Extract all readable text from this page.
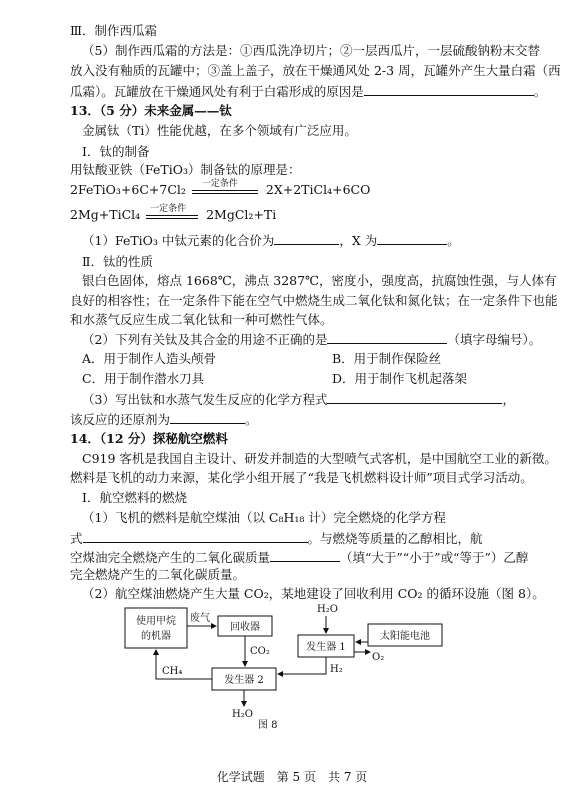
Ⅲ．制作西瓜霜
（5）制作西瓜霜的方法是：①西瓜洗净切片；②一层西瓜片，一层硫酸钠粉末交替
放入没有釉质的瓦罐中；③盖上盖子，放在干燥通风处 2-3 周，瓦罐外产生大量白霜（西
瓜霜）。瓦罐放在干燥通风处有利于白霜形成的原因是	。
13．（5 分）未来金属——钛
金属钛（Ti）性能优越，在多个领域有广泛应用。
Ⅰ．钛的制备
用钛酸亚铁（FeTiO₃）制备钛的原理是：
2FeTiO₃+6C+7Cl₂ 一定条件 2X+2TiCl₄+6CO
2Mg+TiCl₄ 一定条件 2MgCl₂+Ti
（1）FeTiO₃ 中钛元素的化合价为	，X 为	。
Ⅱ．钛的性质
银白色固体，熔点 1668℃，沸点 3287℃，密度小，强度高，抗腐蚀性强，与人体有
良好的相容性；在一定条件下能在空气中燃烧生成二氧化钛和氮化钛；在一定条件下也能
和水蒸气反应生成二氧化钛和一种可燃性气体。
（2）下列有关钛及其合金的用途不正确的是	（填字母编号）。
A．用于制作人造头颅骨	B．用于制作保险丝
C．用于制作潜水刀具	D．用于制作飞机起落架
（3）写出钛和水蒸气发生反应的化学方程式	，
该反应的还原剂为	。
14．（12 分）探秘航空燃料
C919 客机是我国自主设计、研发并制造的大型喷气式客机，是中国航空工业的新徵。
燃料是飞机的动力来源，某化学小组开展了“我是飞机燃料设计师”项目式学习活动。
Ⅰ．航空燃料的燃烧
（1）飞机的燃料是航空煤油（以 C₈H₁₈ 计）完全燃烧的化学方程
式	。与燃烧等质量的乙醇相比，航
空煤油完全燃烧产生的二氧化碳质量	（填“大于”“小于”或“等于”）乙醇
完全燃烧产生的二氧化碳质量。
（2）航空煤油燃烧产生大量 CO₂，某地建设了回收利用 CO₂ 的循环设施（图 8）。
使用甲烷
的机器
回收器
发生器 1
太阳能电池
发生器 2
废气
CO₂
CH₄
H₂O
H₂
O₂
H₂O
图 8
化学试题　第 5 页　共 7 页
